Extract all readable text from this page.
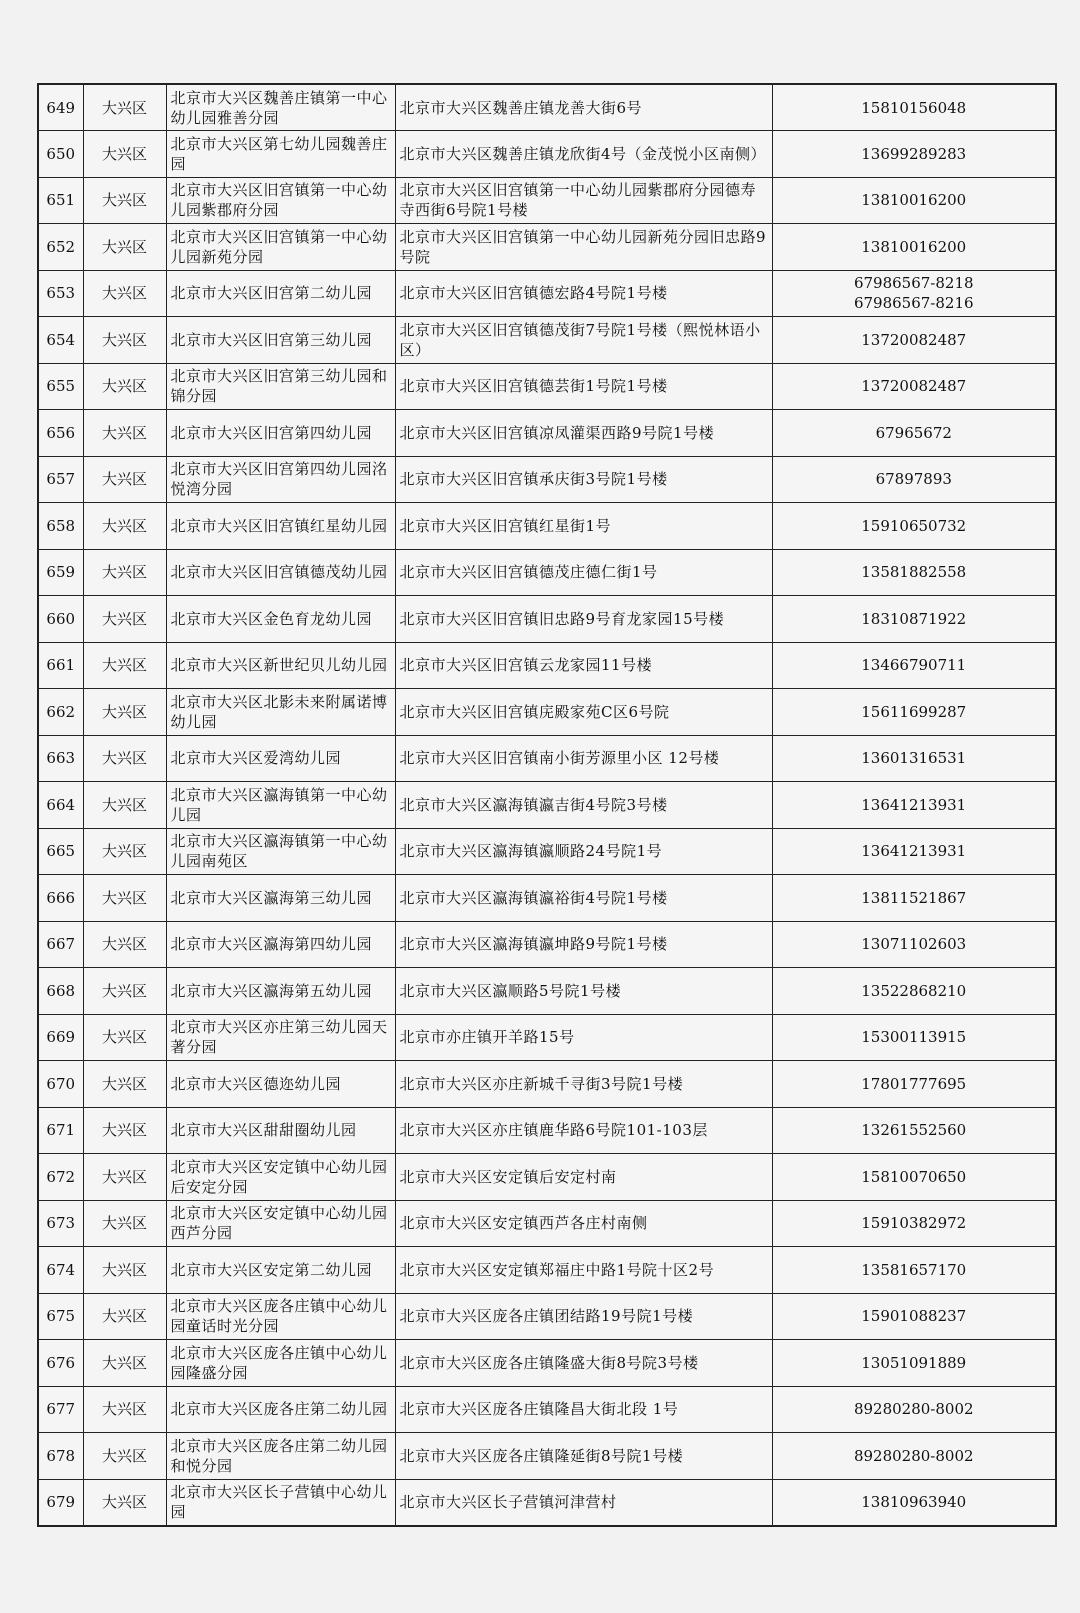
649	大兴区	北京市大兴区魏善庄镇第一中心幼儿园雅善分园	北京市大兴区魏善庄镇龙善大街6号	15810156048
650	大兴区	北京市大兴区第七幼儿园魏善庄园	北京市大兴区魏善庄镇龙欣街4号（金茂悦小区南侧）	13699289283
651	大兴区	北京市大兴区旧宫镇第一中心幼儿园紫郡府分园	北京市大兴区旧宫镇第一中心幼儿园紫郡府分园德寿寺西街6号院1号楼	13810016200
652	大兴区	北京市大兴区旧宫镇第一中心幼儿园新苑分园	北京市大兴区旧宫镇第一中心幼儿园新苑分园旧忠路9号院	13810016200
653	大兴区	北京市大兴区旧宫第二幼儿园	北京市大兴区旧宫镇德宏路4号院1号楼	67986567-8218
67986567-8216
654	大兴区	北京市大兴区旧宫第三幼儿园	北京市大兴区旧宫镇德茂街7号院1号楼（熙悦林语小区）	13720082487
655	大兴区	北京市大兴区旧宫第三幼儿园和锦分园	北京市大兴区旧宫镇德芸街1号院1号楼	13720082487
656	大兴区	北京市大兴区旧宫第四幼儿园	北京市大兴区旧宫镇凉凤灌渠西路9号院1号楼	67965672
657	大兴区	北京市大兴区旧宫第四幼儿园洺悦湾分园	北京市大兴区旧宫镇承庆街3号院1号楼	67897893
658	大兴区	北京市大兴区旧宫镇红星幼儿园	北京市大兴区旧宫镇红星街1号	15910650732
659	大兴区	北京市大兴区旧宫镇德茂幼儿园	北京市大兴区旧宫镇德茂庄德仁街1号	13581882558
660	大兴区	北京市大兴区金色育龙幼儿园	北京市大兴区旧宫镇旧忠路9号育龙家园15号楼	18310871922
661	大兴区	北京市大兴区新世纪贝儿幼儿园	北京市大兴区旧宫镇云龙家园11号楼	13466790711
662	大兴区	北京市大兴区北影未来附属诺博幼儿园	北京市大兴区旧宫镇庑殿家苑C区6号院	15611699287
663	大兴区	北京市大兴区爱湾幼儿园	北京市大兴区旧宫镇南小街芳源里小区 12号楼	13601316531
664	大兴区	北京市大兴区瀛海镇第一中心幼儿园	北京市大兴区瀛海镇瀛吉街4号院3号楼	13641213931
665	大兴区	北京市大兴区瀛海镇第一中心幼儿园南苑区	北京市大兴区瀛海镇瀛顺路24号院1号	13641213931
666	大兴区	北京市大兴区瀛海第三幼儿园	北京市大兴区瀛海镇瀛裕街4号院1号楼	13811521867
667	大兴区	北京市大兴区瀛海第四幼儿园	北京市大兴区瀛海镇瀛坤路9号院1号楼	13071102603
668	大兴区	北京市大兴区瀛海第五幼儿园	北京市大兴区瀛顺路5号院1号楼	13522868210
669	大兴区	北京市大兴区亦庄第三幼儿园天著分园	北京市亦庄镇开羊路15号	15300113915
670	大兴区	北京市大兴区德迩幼儿园	北京市大兴区亦庄新城千寻街3号院1号楼	17801777695
671	大兴区	北京市大兴区甜甜圈幼儿园	北京市大兴区亦庄镇鹿华路6号院101-103层	13261552560
672	大兴区	北京市大兴区安定镇中心幼儿园后安定分园	北京市大兴区安定镇后安定村南	15810070650
673	大兴区	北京市大兴区安定镇中心幼儿园西芦分园	北京市大兴区安定镇西芦各庄村南侧	15910382972
674	大兴区	北京市大兴区安定第二幼儿园	北京市大兴区安定镇郑福庄中路1号院十区2号	13581657170
675	大兴区	北京市大兴区庞各庄镇中心幼儿园童话时光分园	北京市大兴区庞各庄镇团结路19号院1号楼	15901088237
676	大兴区	北京市大兴区庞各庄镇中心幼儿园隆盛分园	北京市大兴区庞各庄镇隆盛大街8号院3号楼	13051091889
677	大兴区	北京市大兴区庞各庄第二幼儿园	北京市大兴区庞各庄镇隆昌大街北段 1号	89280280-8002
678	大兴区	北京市大兴区庞各庄第二幼儿园和悦分园	北京市大兴区庞各庄镇隆延街8号院1号楼	89280280-8002
679	大兴区	北京市大兴区长子营镇中心幼儿园	北京市大兴区长子营镇河津营村	13810963940
